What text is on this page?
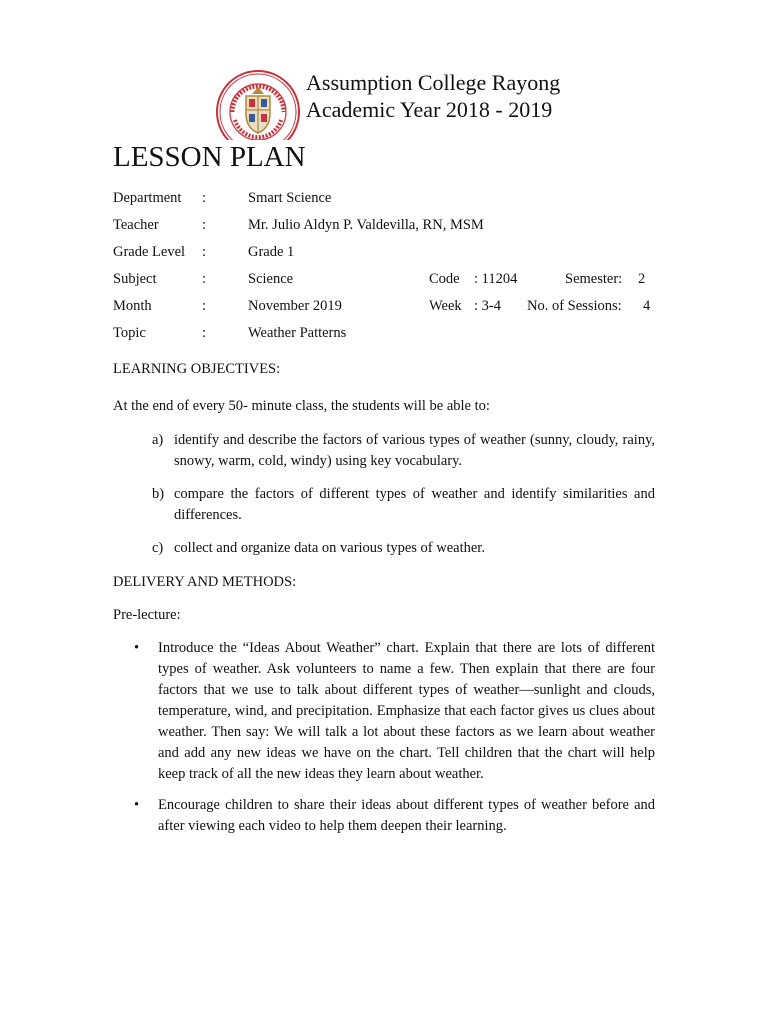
Assumption College Rayong
Academic Year 2018 - 2019
LESSON PLAN
Department :	Smart Science
Teacher	:	Mr. Julio Aldyn P. Valdevilla, RN, MSM
Grade Level :	Grade 1
Subject	:	Science	Code : 11204	Semester: 2
Month	:	November 2019	Week : 3-4 No. of Sessions: 4
Topic	:	Weather Patterns
LEARNING OBJECTIVES:
At the end of every 50- minute class, the students will be able to:
a) identify and describe the factors of various types of weather (sunny, cloudy, rainy, snowy, warm, cold, windy) using key vocabulary.
b) compare the factors of different types of weather and identify similarities and differences.
c) collect and organize data on various types of weather.
DELIVERY AND METHODS:
Pre-lecture:
• Introduce the “Ideas About Weather” chart. Explain that there are lots of different types of weather. Ask volunteers to name a few. Then explain that there are four factors that we use to talk about different types of weather—sunlight and clouds, temperature, wind, and precipitation. Emphasize that each factor gives us clues about weather. Then say: We will talk a lot about these factors as we learn about weather and add any new ideas we have on the chart. Tell children that the chart will help keep track of all the new ideas they learn about weather.
• Encourage children to share their ideas about different types of weather before and after viewing each video to help them deepen their learning.
